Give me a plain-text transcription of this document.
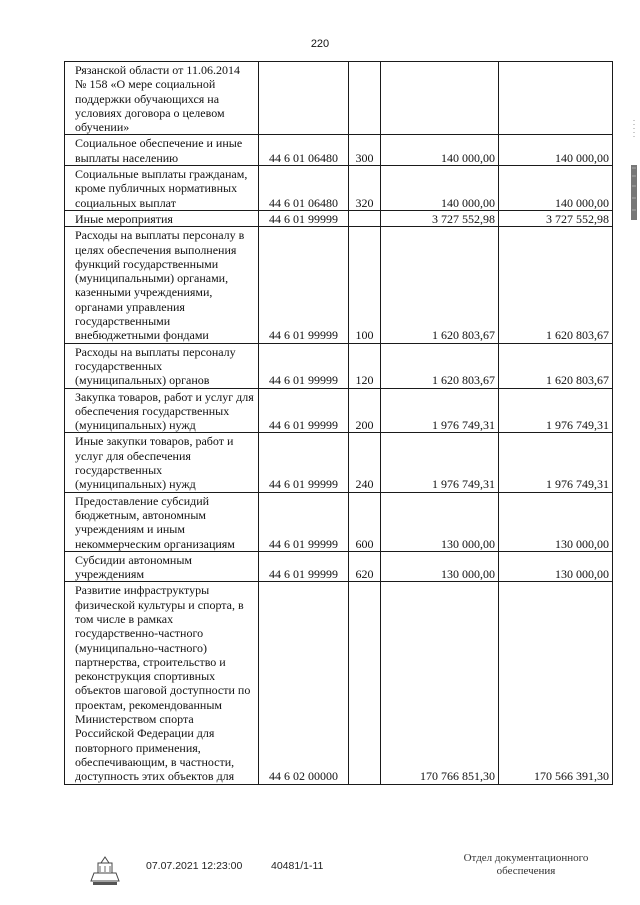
220
Рязанской области от 11.06.2014 № 158 «О мере социальной поддержки обучающихся на условиях договора о целевом обучении»				
Социальное обеспечение и иные выплаты населению	44 6 01 06480	300	140 000,00	140 000,00
Социальные выплаты гражданам, кроме публичных нормативных социальных выплат	44 6 01 06480	320	140 000,00	140 000,00
Иные мероприятия	44 6 01 99999		3 727 552,98	3 727 552,98
Расходы на выплаты персоналу в целях обеспечения выполнения функций государственными (муниципальными) органами, казенными учреждениями, органами управления государственными внебюджетными фондами	44 6 01 99999	100	1 620 803,67	1 620 803,67
Расходы на выплаты персоналу государственных (муниципальных) органов	44 6 01 99999	120	1 620 803,67	1 620 803,67
Закупка товаров, работ и услуг для обеспечения государственных (муниципальных) нужд	44 6 01 99999	200	1 976 749,31	1 976 749,31
Иные закупки товаров, работ и услуг для обеспечения государственных (муниципальных) нужд	44 6 01 99999	240	1 976 749,31	1 976 749,31
Предоставление субсидий бюджетным, автономным учреждениям и иным некоммерческим организациям	44 6 01 99999	600	130 000,00	130 000,00
Субсидии автономным учреждениям	44 6 01 99999	620	130 000,00	130 000,00
Развитие инфраструктуры физической культуры и спорта, в том числе в рамках государственно-частного (муниципально-частного) партнерства, строительство и реконструкция спортивных объектов шаговой доступности по проектам, рекомендованным Министерством спорта Российской Федерации для повторного применения, обеспечивающим, в частности, доступность этих объектов для	44 6 02 00000		170 766 851,30	170 566 391,30
07.07.2021 12:23:00	40481/1-11
Отдел документационного
обеспечения
